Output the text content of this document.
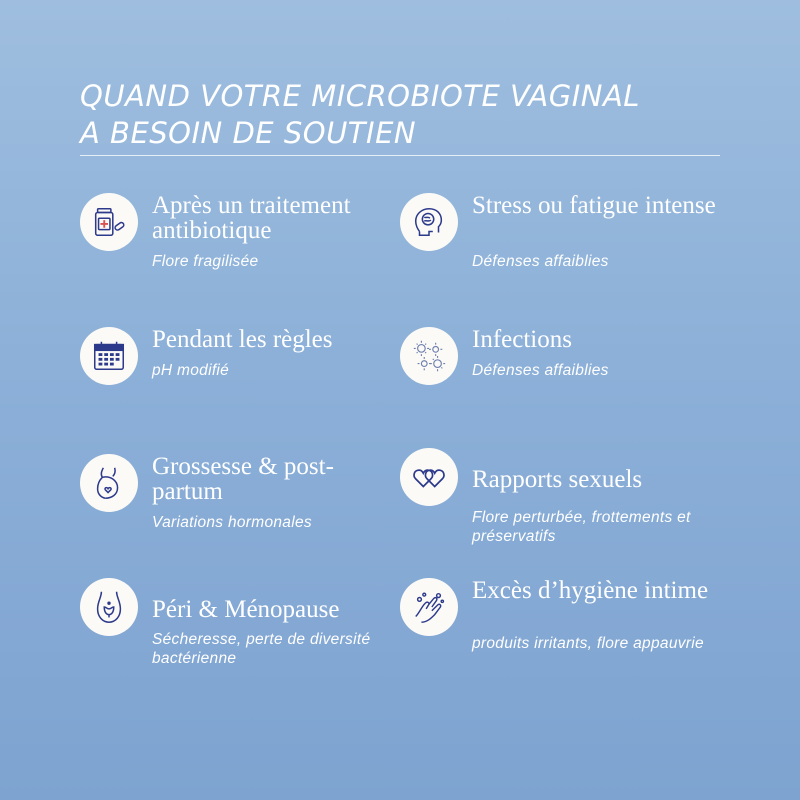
QUAND VOTRE MICROBIOTE VAGINAL
A BESOIN DE SOUTIEN
Après un traitement antibiotique
Flore fragilisée
Stress ou fatigue intense
Défenses affaiblies
Pendant les règles
pH modifié
Infections
Défenses affaiblies
Grossesse & post-partum
Variations hormonales
Rapports sexuels
Flore perturbée, frottements et préservatifs
Péri & Ménopause
Sécheresse, perte de diversité bactérienne
Excès d’hygiène intime
produits irritants, flore appauvrie
